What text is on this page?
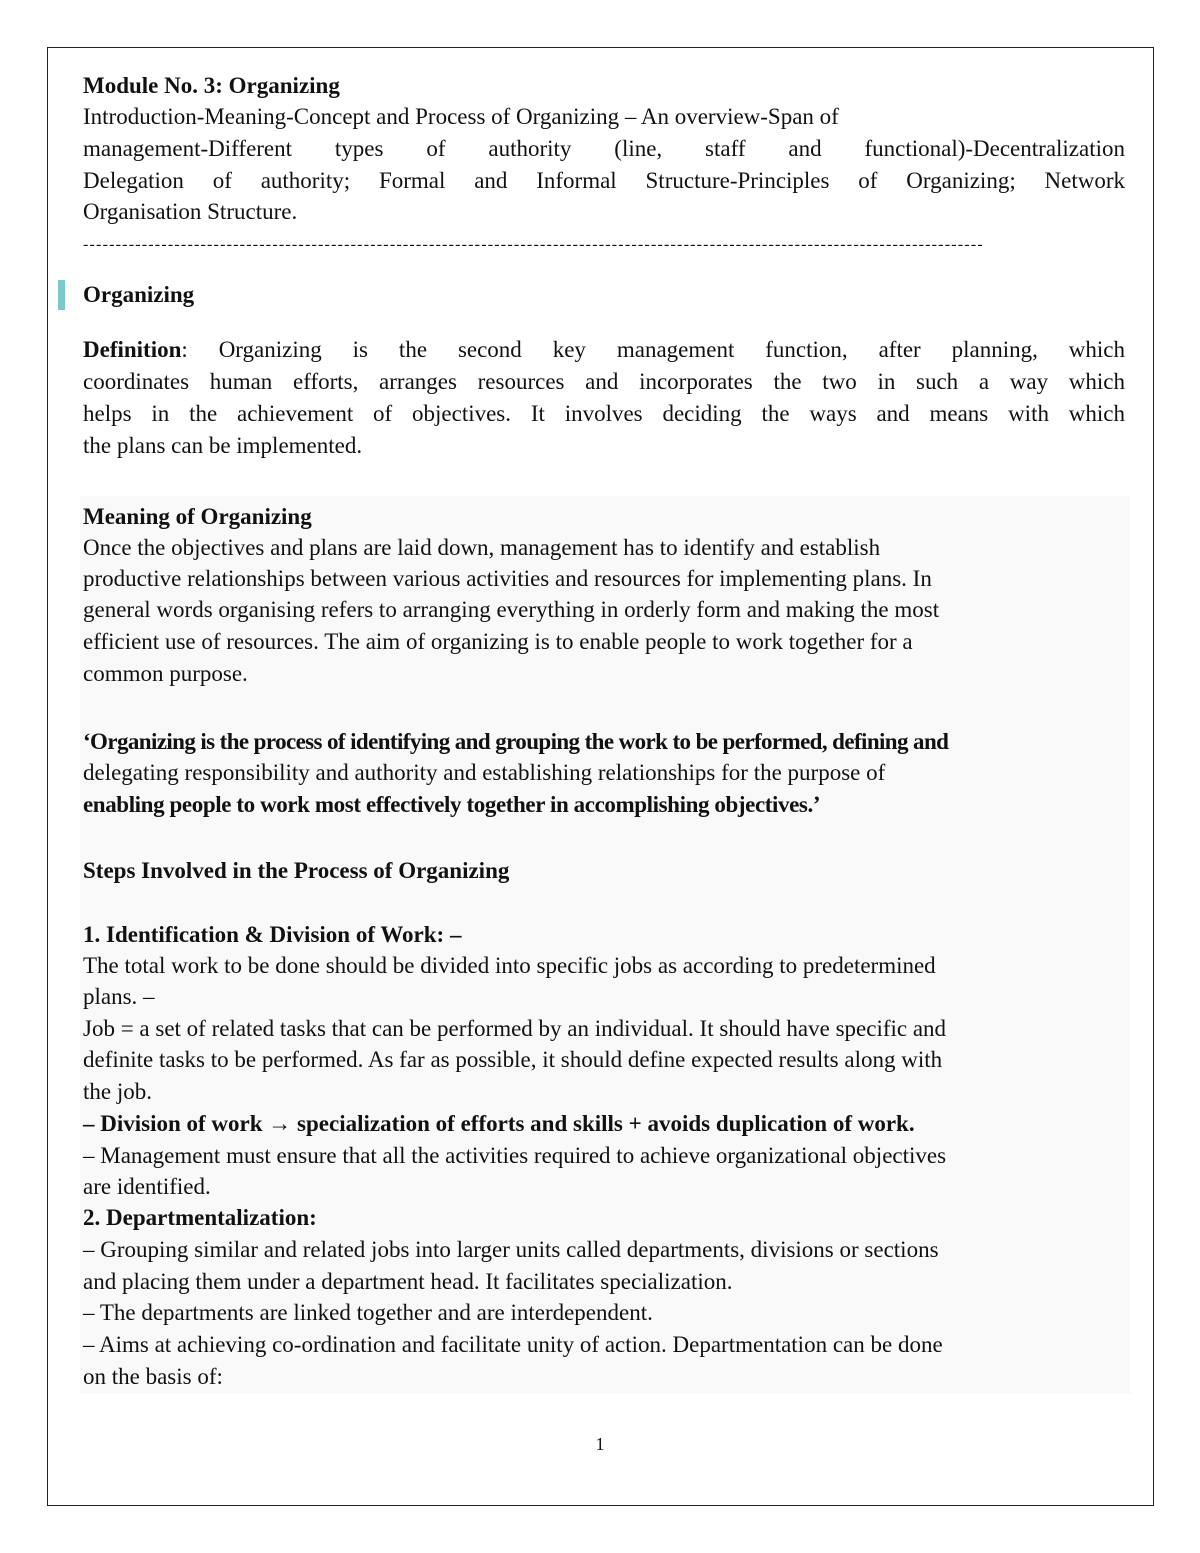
Module No. 3: Organizing
Introduction-Meaning-Concept and Process of Organizing – An overview-Span of
management-Different types of authority (line, staff and functional)-Decentralization
Delegation of authority; Formal and Informal Structure-Principles of Organizing; Network
Organisation Structure.
------------------------------------------------------------------------------------------------------------------------------------------
Organizing
Definition: Organizing is the second key management function, after planning, which
coordinates human efforts, arranges resources and incorporates the two in such a way which
helps in the achievement of objectives. It involves deciding the ways and means with which
the plans can be implemented.
Meaning of Organizing
Once the objectives and plans are laid down, management has to identify and establish
productive relationships between various activities and resources for implementing plans. In
general words organising refers to arranging everything in orderly form and making the most
efficient use of resources. The aim of organizing is to enable people to work together for a
common purpose.
‘Organizing is the process of identifying and grouping the work to be performed, defining and
delegating responsibility and authority and establishing relationships for the purpose of
enabling people to work most effectively together in accomplishing objectives.’
Steps Involved in the Process of Organizing
1. Identification & Division of Work: –
The total work to be done should be divided into specific jobs as according to predetermined
plans. –
Job = a set of related tasks that can be performed by an individual. It should have specific and
definite tasks to be performed. As far as possible, it should define expected results along with
the job.
– Division of work → specialization of efforts and skills + avoids duplication of work.
– Management must ensure that all the activities required to achieve organizational objectives
are identified.
2. Departmentalization:
– Grouping similar and related jobs into larger units called departments, divisions or sections
and placing them under a department head. It facilitates specialization.
– The departments are linked together and are interdependent.
– Aims at achieving co-ordination and facilitate unity of action. Departmentation can be done
on the basis of:
1
